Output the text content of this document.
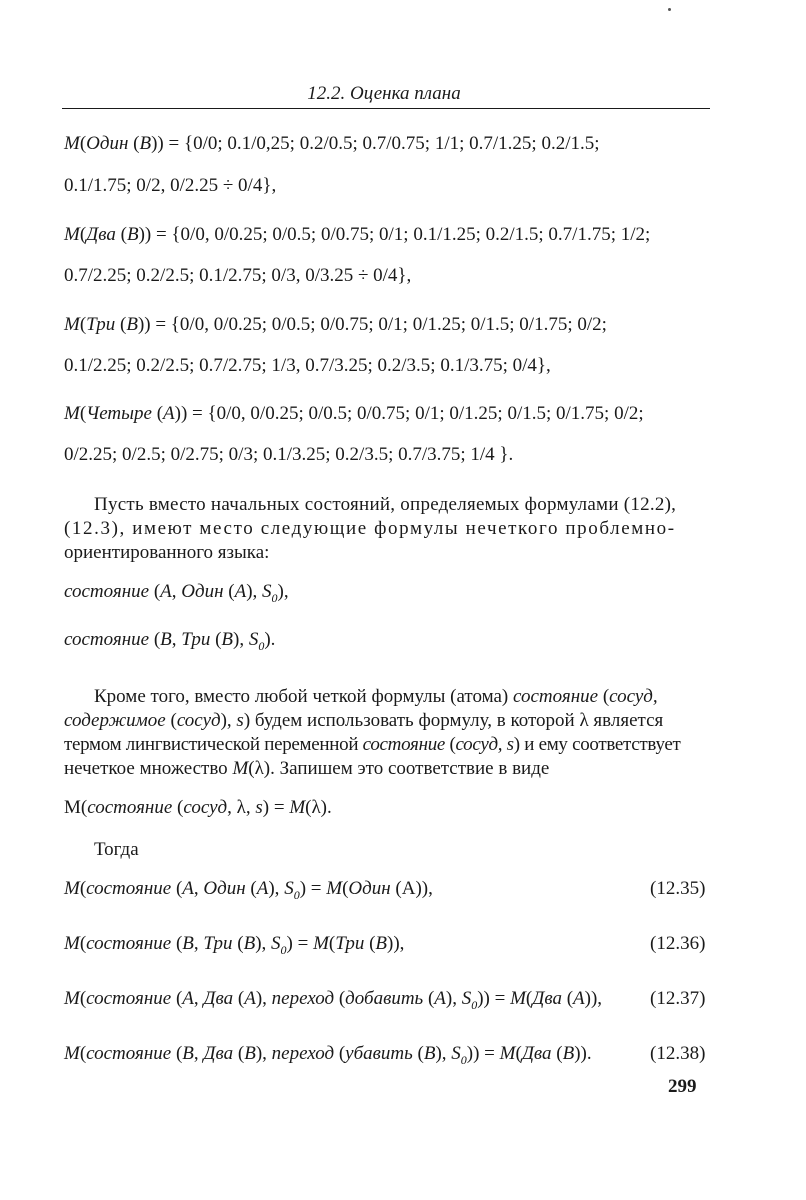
12.2. Оценка плана
M(Один (B)) = {0/0; 0.1/0,25; 0.2/0.5; 0.7/0.75; 1/1; 0.7/1.25; 0.2/1.5;
0.1/1.75; 0/2, 0/2.25 ÷ 0/4},
M(Два (B)) = {0/0, 0/0.25; 0/0.5; 0/0.75; 0/1; 0.1/1.25; 0.2/1.5; 0.7/1.75; 1/2;
0.7/2.25; 0.2/2.5; 0.1/2.75; 0/3, 0/3.25 ÷ 0/4},
M(Три (B)) = {0/0, 0/0.25; 0/0.5; 0/0.75; 0/1; 0/1.25; 0/1.5; 0/1.75; 0/2;
0.1/2.25; 0.2/2.5; 0.7/2.75; 1/3, 0.7/3.25; 0.2/3.5; 0.1/3.75; 0/4},
M(Четыре (A)) = {0/0, 0/0.25; 0/0.5; 0/0.75; 0/1; 0/1.25; 0/1.5; 0/1.75; 0/2;
0/2.25; 0/2.5; 0/2.75; 0/3; 0.1/3.25; 0.2/3.5; 0.7/3.75; 1/4 }.
Пусть вместо начальных состояний, определяемых формулами (12.2),
(12.3), имеют место следующие формулы нечеткого проблемно-
ориентированного языка:
состояние (A, Один (A), $S_0$),
состояние (B, Три (B), $S_0$).
Кроме того, вместо любой четкой формулы (атома) состояние (сосуд,
содержимое (сосуд), s) будем использовать формулу, в которой λ является
термом лингвистической переменной состояние (сосуд, s) и ему соответствует
нечеткое множество M(λ). Запишем это соответствие в виде
M(состояние (сосуд, λ, s) = M(λ).
Тогда
M(состояние (A, Один (A), $S_0$) = M(Один (A)),	(12.35)
M(состояние (B, Три (B), $S_0) = M(Три$ (B)),	(12.36)
M(состояние (A, Два (A), переход (добавить (A), $S_0)) = M(Два$ (A)),	(12.37)
M(состояние (B, Два (B), переход (убавить (B), $S_0)) = M(Два$ (B)).	(12.38)
299
